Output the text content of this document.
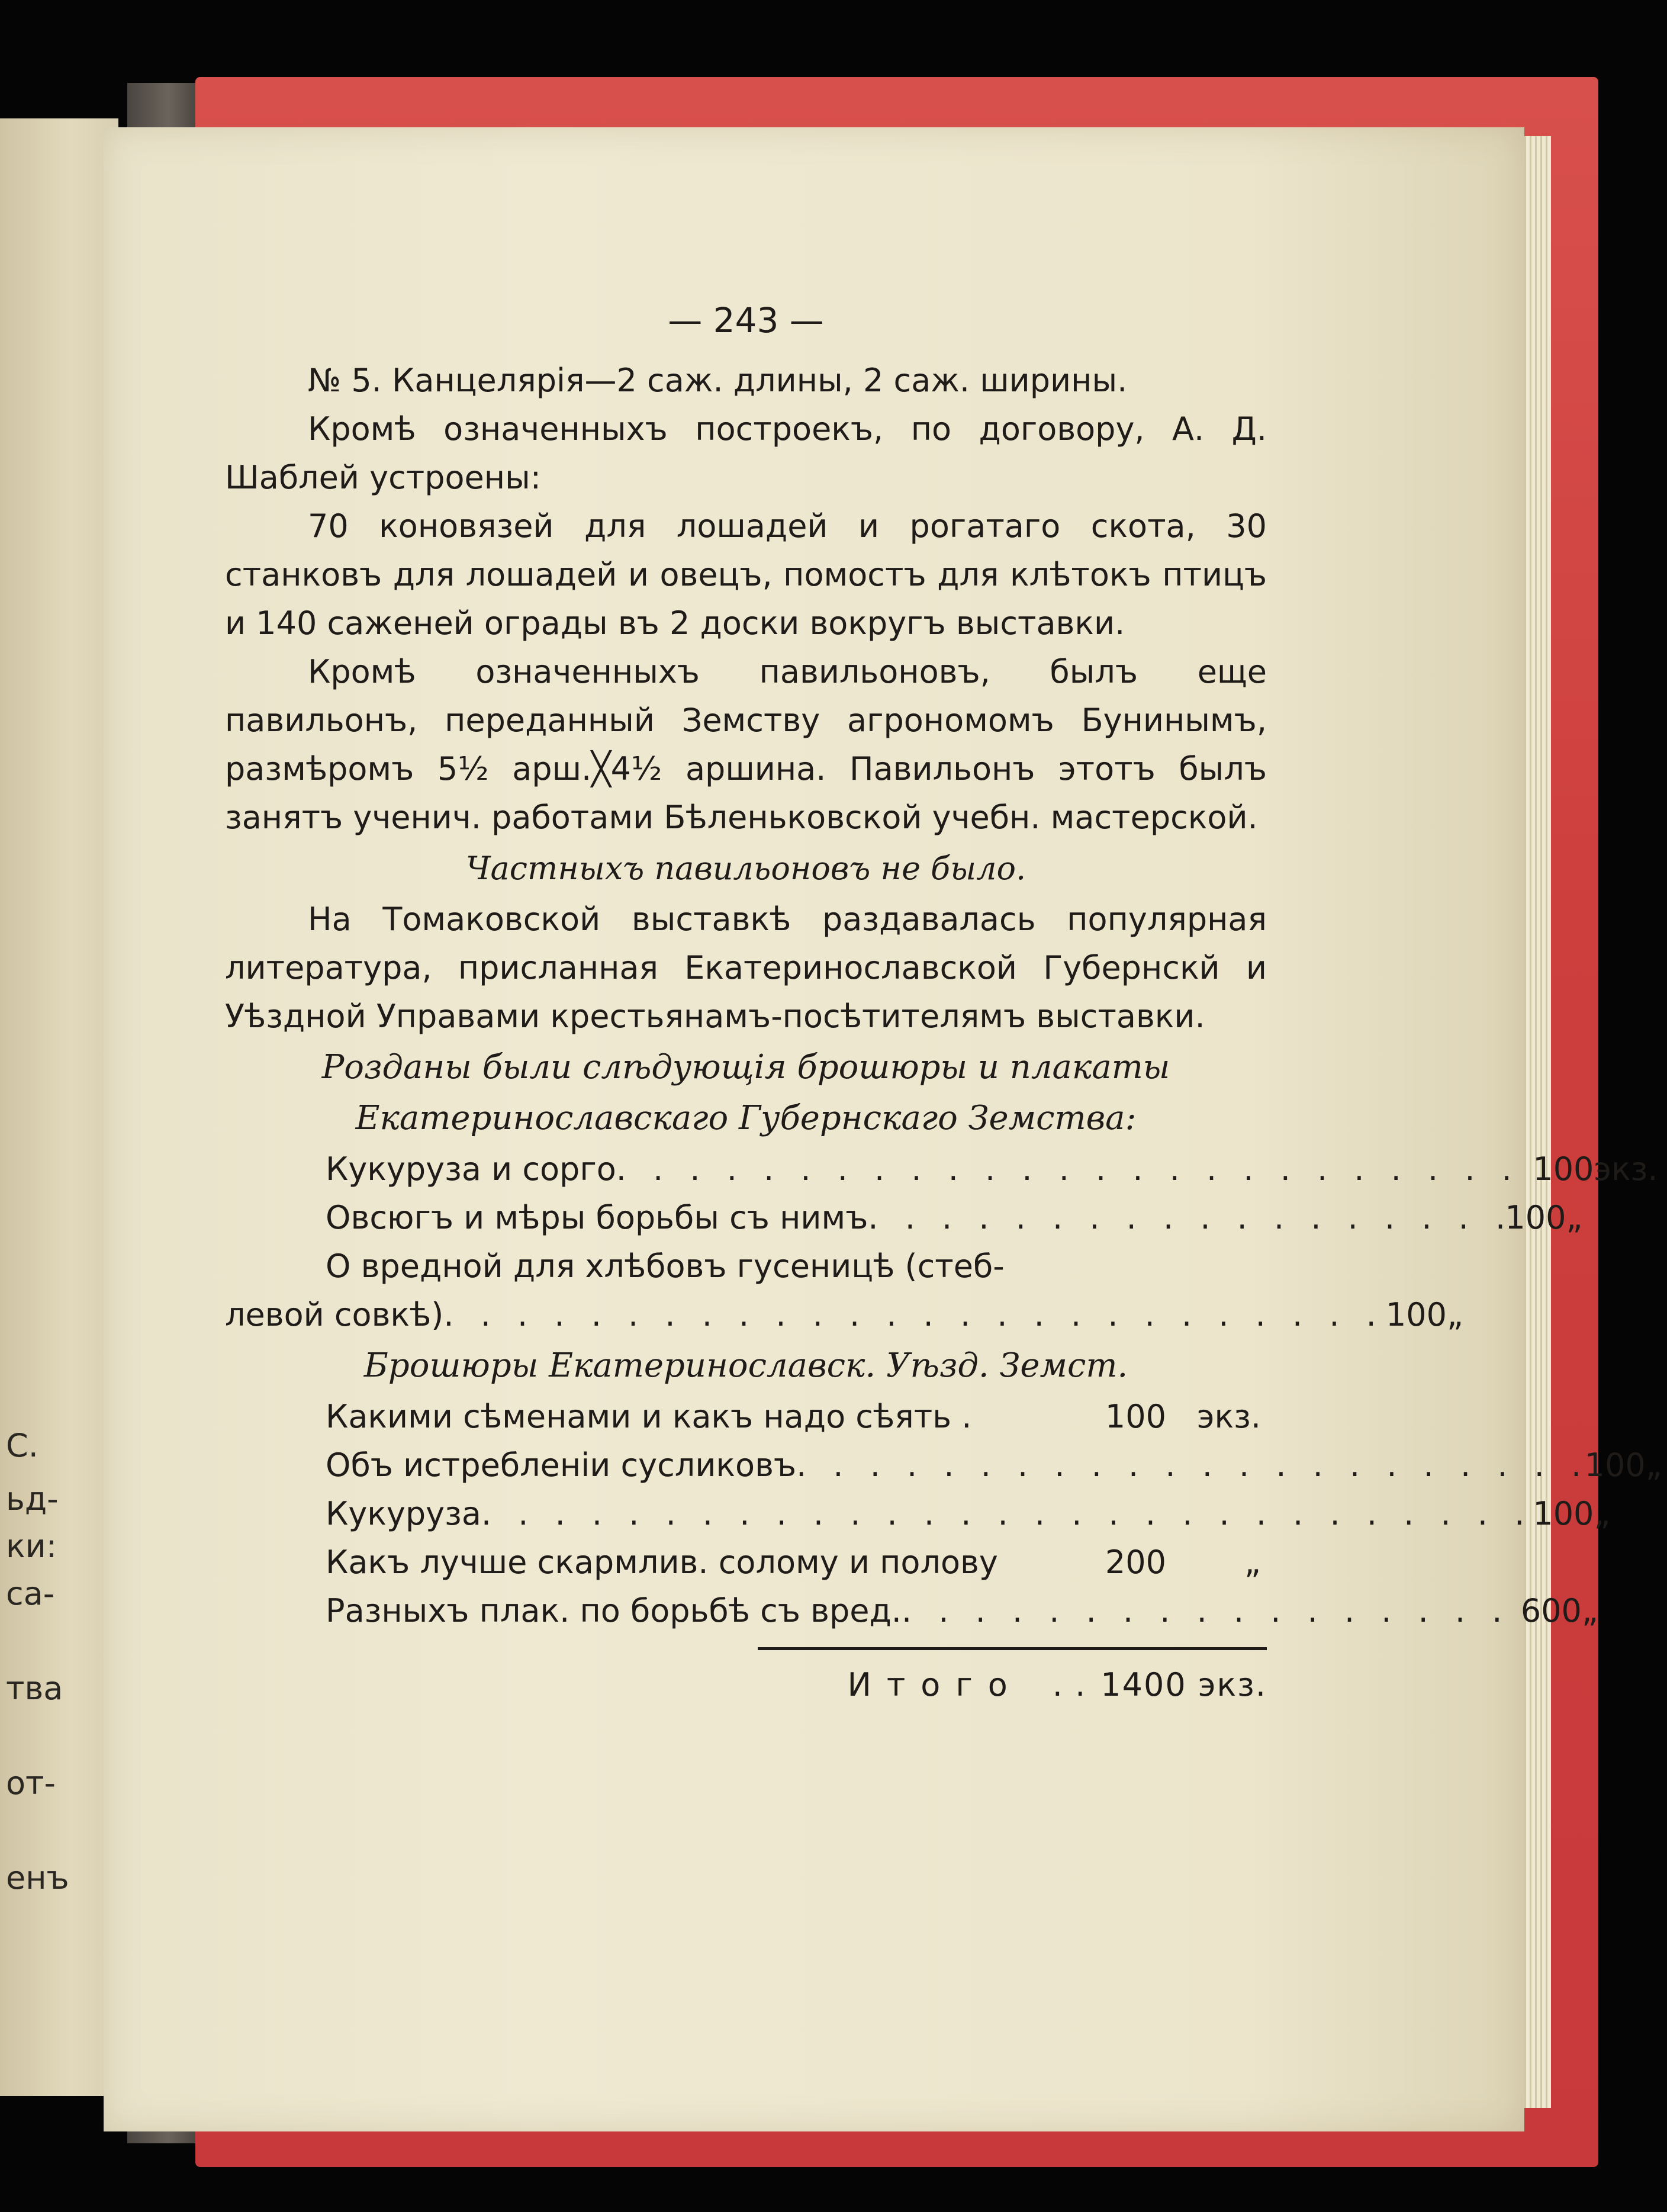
С.
ьд-
ки:
са-
тва
от-
енъ
— 243 —
№ 5. Канцелярія—2 саж. длины, 2 саж. ширины.
Кромѣ означенныхъ построекъ, по договору, А. Д. Шаблей устроены:
70 коновязей для лошадей и рогатаго скота, 30 станковъ для лошадей и овецъ, помостъ для клѣтокъ птицъ и 140 саженей ограды въ 2 доски вокругъ выставки.
Кромѣ означенныхъ павильоновъ, былъ еще павильонъ, переданный Земству агрономомъ Бунинымъ, размѣромъ 5½ арш.╳4½ аршина. Павильонъ этотъ былъ занятъ ученич. работами Бѣленьковской учебн. мастерской.
Частныхъ павильоновъ не было.
На Томаковской выставкѣ раздавалась популярная литература, присланная Екатеринославской Губернскй и Уѣздной Управами крестьянамъ-посѣтителямъ выставки.
Розданы были слѣдующія брошюры и плакаты
Екатеринославскаго Губернскаго Земства:
Кукуруза и сорго . . .	100 экз.
Овсюгъ и мѣры борьбы съ нимъ . . .	100 „
О вредной для хлѣбовъ гусеницѣ (стеб-
левой совкѣ) . . .	100 „
Брошюры Екатеринославск. Уѣзд. Земст.
Какими сѣменами и какъ надо сѣять .	100 экз.
Объ истребленіи сусликовъ . . .	100 „
Кукуруза . . .	100 „
Какъ лучше скармлив. солому и полову	200	„
Разныхъ плак. по борьбѣ съ вред. . . .	600 „
Итого . . 1400 экз.
